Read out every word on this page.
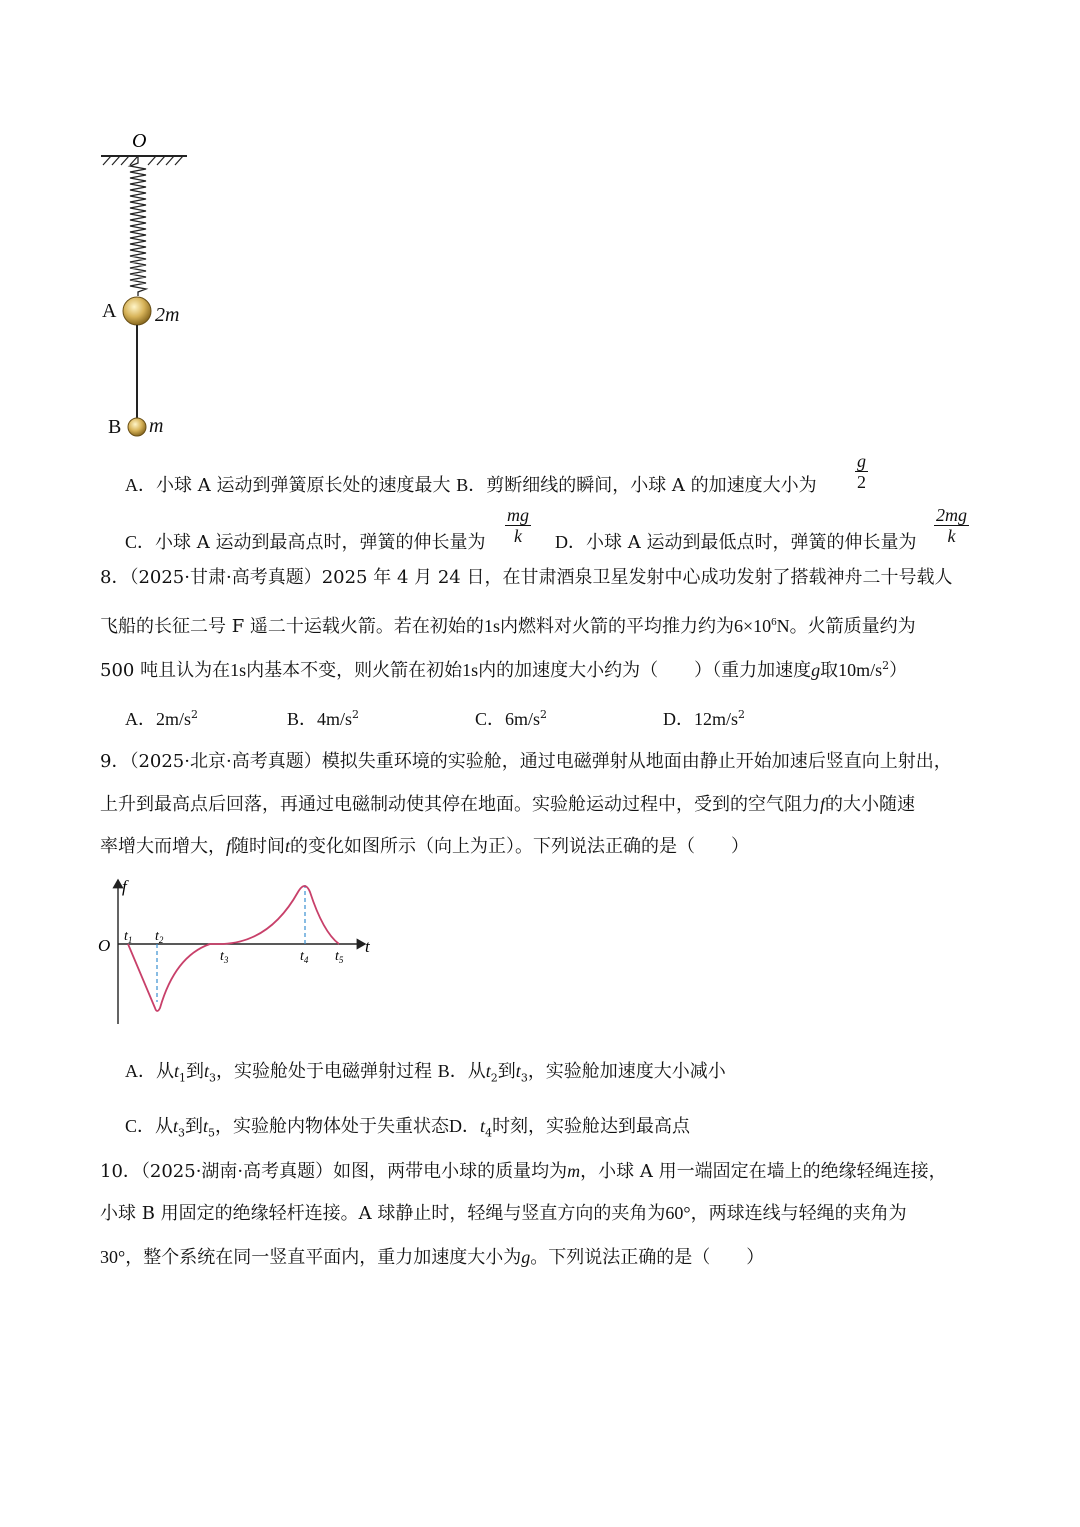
O
A 2m
B m
A．小球 A 运动到弹簧原长处的速度最大 B．剪断细线的瞬间，小球 A 的加速度大小为 $\frac{g}{2}$
C．小球 A 运动到最高点时，弹簧的伸长量为 $\frac{mg}{k}$ D．小球 A 运动到最低点时，弹簧的伸长量为 $\frac{2mg}{k}$
8．（2025·甘肃·高考真题）2025 年 4 月 24 日，在甘肃酒泉卫星发射中心成功发射了搭载神舟二十号载人
飞船的长征二号 F 遥二十运载火箭。若在初始的1s内燃料对火箭的平均推力约为$6\times 10^6N$。火箭质量约为
500 吨且认为在1s内基本不变，则火箭在初始1s内的加速度大小约为（　　）（重力加速度g取$10m/s^2$）
A．$2m/s^2$	B．$4m/s^2$	C．$6m/s^2$	D．$12m/s^2$
9．（2025·北京·高考真题）模拟失重环境的实验舱，通过电磁弹射从地面由静止开始加速后竖直向上射出，
上升到最高点后回落，再通过电磁制动使其停在地面。实验舱运动过程中，受到的空气阻力f的大小随速
率增大而增大，f随时间t的变化如图所示（向上为正）。下列说法正确的是（　　）
f
t
O $t_1$ $t_2$
$t_3$	$t_4$ $t_5$
A．从$t_1$到$t_3$，实验舱处于电磁弹射过程 B．从$t_2$到$t_3$，实验舱加速度大小减小
C．从$t_3$到$t_5$，实验舱内物体处于失重状态D．$t_4$时刻，实验舱达到最高点
10．（2025·湖南·高考真题）如图，两带电小球的质量均为m，小球 A 用一端固定在墙上的绝缘轻绳连接，
小球 B 用固定的绝缘轻杆连接。A 球静止时，轻绳与竖直方向的夹角为60°，两球连线与轻绳的夹角为
30°，整个系统在同一竖直平面内，重力加速度大小为g。下列说法正确的是（　　）
